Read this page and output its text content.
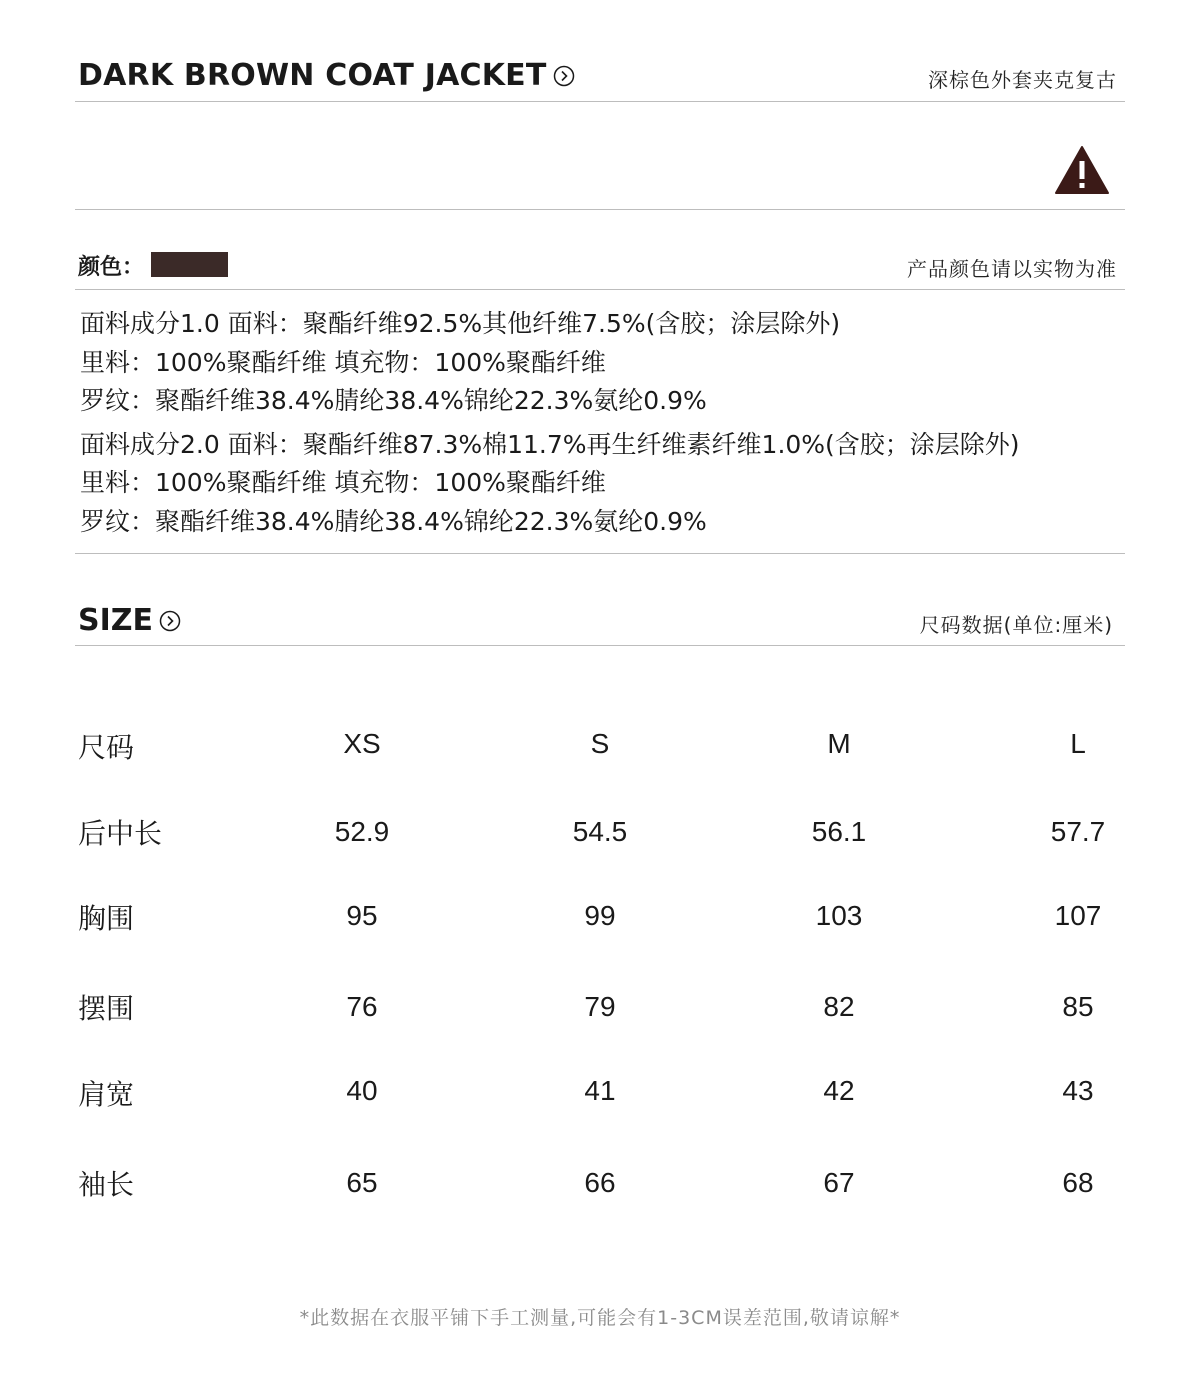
DARK BROWN COAT JACKET	深棕色外套夹克复古
颜色：	产品颜色请以实物为准
面料成分1.0 面料：聚酯纤维92.5%其他纤维7.5%(含胶；涂层除外)
里料：100%聚酯纤维 填充物：100%聚酯纤维
罗纹：聚酯纤维38.4%腈纶38.4%锦纶22.3%氨纶0.9%
面料成分2.0 面料：聚酯纤维87.3%棉11.7%再生纤维素纤维1.0%(含胶；涂层除外)
里料：100%聚酯纤维 填充物：100%聚酯纤维
罗纹：聚酯纤维38.4%腈纶38.4%锦纶22.3%氨纶0.9%
SIZE	尺码数据(单位:厘米)
尺码	XS	S	M	L
后中长	52.9	54.5	56.1	57.7
胸围	95	99	103	107
摆围	76	79	82	85
肩宽	40	41	42	43
袖长	65	66	67	68
*此数据在衣服平铺下手工测量,可能会有1-3CM误差范围,敬请谅解*
